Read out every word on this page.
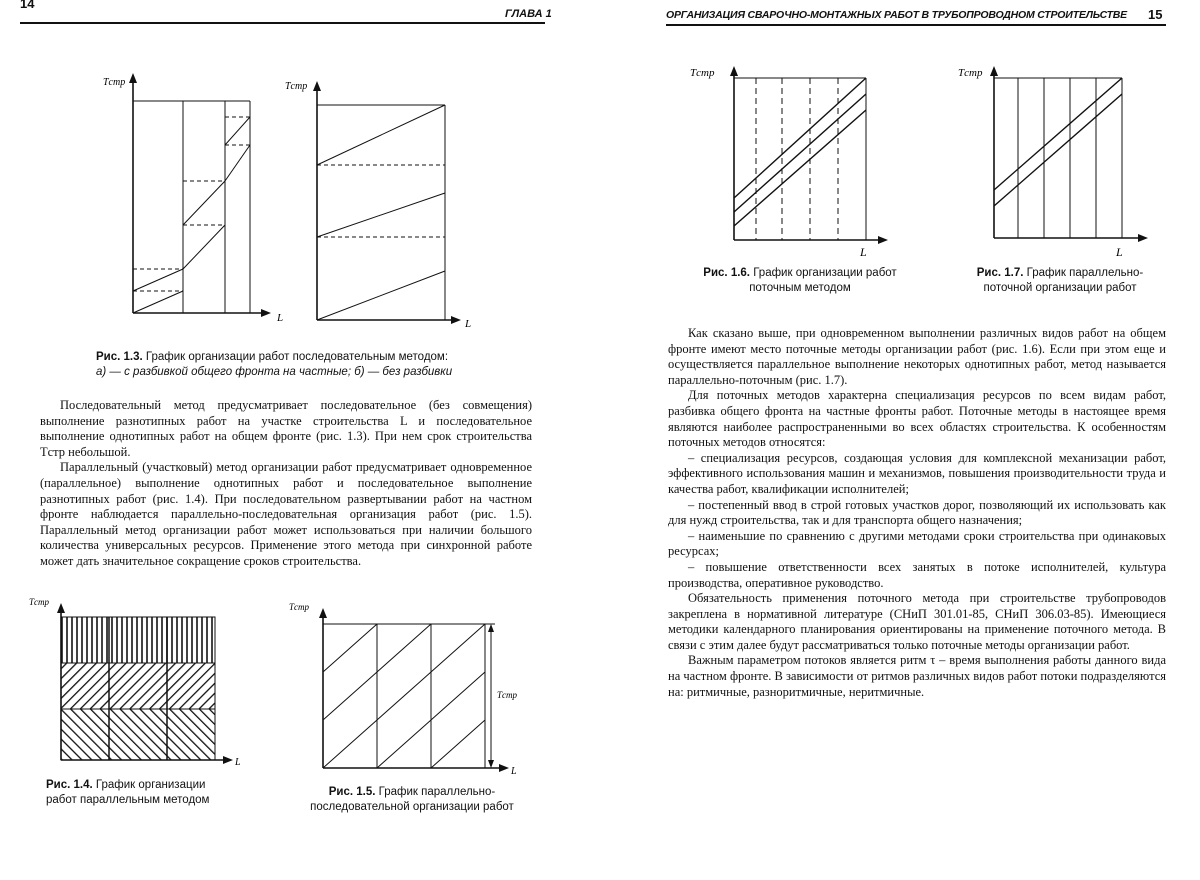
14
ГЛАВА 1
Tстр
L
Tстр
L
Рис. 1.3. График организации работ последовательным методом:
а) — с разбивкой общего фронта на частные; б) — без разбивки

Последовательный метод предусматривает последовательное (без совмещения) выполнение разнотипных работ на участке строительства L и последовательное выполнение однотипных работ на общем фронте (рис. 1.3). При нем срок строительства Tстр небольшой.

Параллельный (участковый) метод организации работ предусматривает одновременное (параллельное) выполнение однотипных работ и последовательное выполнение разнотипных работ (рис. 1.4). При последовательном развертывании работ на частном фронте наблюдается параллельно-последовательная организация работ (рис. 1.5). Параллельный метод организации работ может использоваться при наличии большого количества универсальных ресурсов. Применение этого метода при синхронной работе может дать значительное сокращение сроков строительства.

Tстр
L
Рис. 1.4. График организации
работ параллельным методом
Tстр
L
Tстр
Рис. 1.5. График параллельно-
последовательной организации работ
ОРГАНИЗАЦИЯ СВАРОЧНО-МОНТАЖНЫХ РАБОТ В ТРУБОПРОВОДНОМ СТРОИТЕЛЬСТВЕ 15
Tстр
L
Рис. 1.6. График организации работ
поточным методом
Tстр
L
Рис. 1.7. График параллельно-
поточной организации работ

Как сказано выше, при одновременном выполнении различных видов работ на общем фронте имеют место поточные методы организации работ (рис. 1.6). Если при этом еще и осуществляется параллельное выполнение некоторых однотипных работ, метод называется параллельно-поточным (рис. 1.7).

Для поточных методов характерна специализация ресурсов по всем видам работ, разбивка общего фронта на частные фронты работ. Поточные методы в настоящее время являются наиболее распространенными во всех областях строительства. К особенностям поточных методов относятся:

– специализация ресурсов, создающая условия для комплексной механизации работ, эффективного использования машин и механизмов, повышения производительности труда и качества работ, квалификации исполнителей;

– постепенный ввод в строй готовых участков дорог, позволяющий их использовать как для нужд строительства, так и для транспорта общего назначения;

– наименьшие по сравнению с другими методами сроки строительства при одинаковых ресурсах;

– повышение ответственности всех занятых в потоке исполнителей, культура производства, оперативное руководство.

Обязательность применения поточного метода при строительстве трубопроводов закреплена в нормативной литературе (СНиП 301.01-85, СНиП 306.03-85). Имеющиеся методики календарного планирования ориентированы на применение поточного метода. В связи с этим далее будут рассматриваться только поточные методы организации работ.

Важным параметром потоков является ритм τ – время выполнения работы данного вида на частном фронте. В зависимости от ритмов различных видов работ потоки подразделяются на: ритмичные, разноритмичные, неритмичные.
